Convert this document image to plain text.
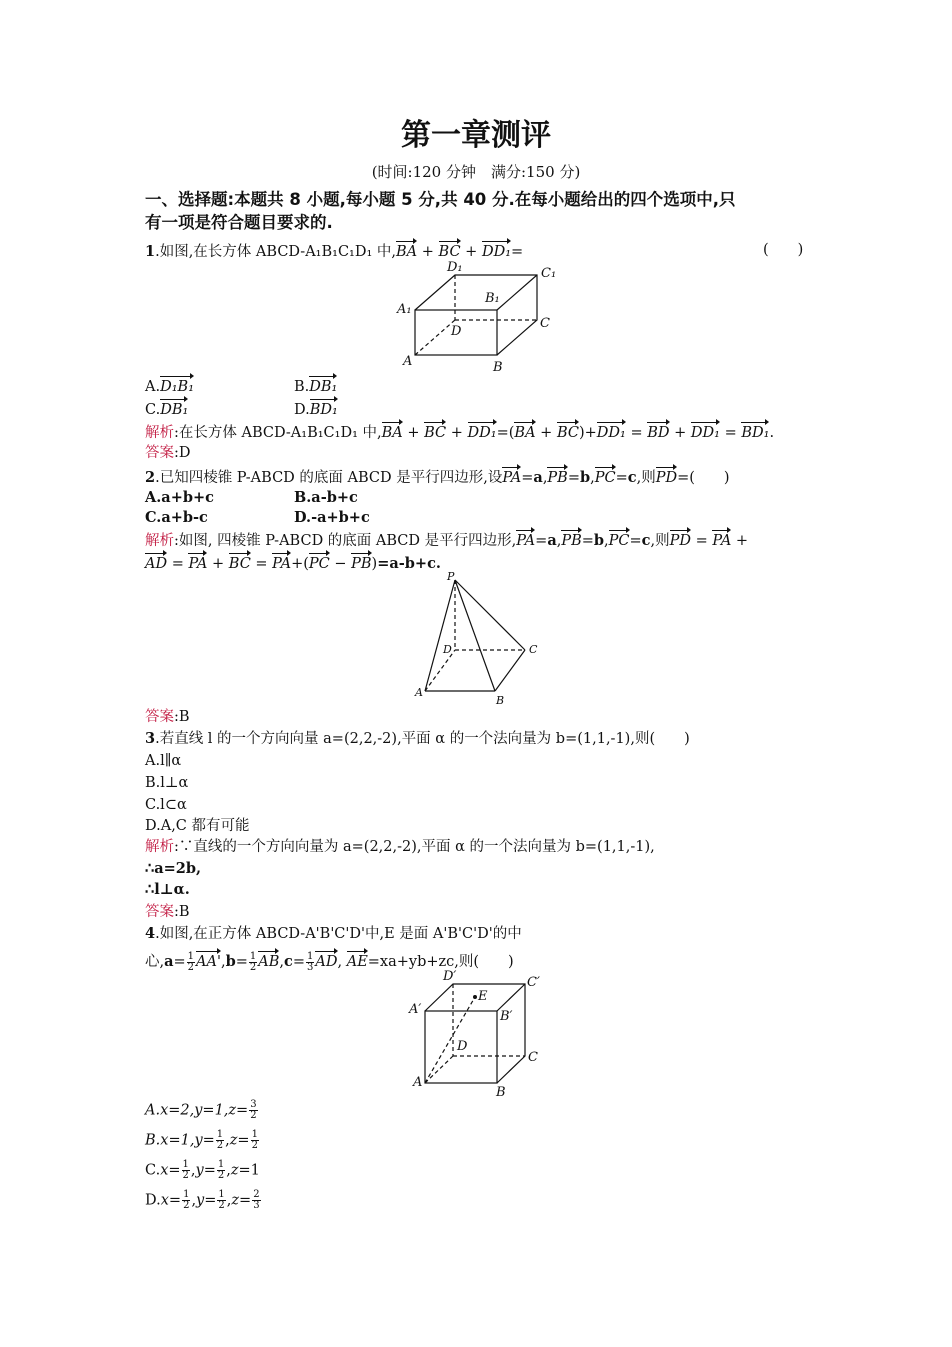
第一章测评
(时间:120 分钟　满分:150 分)
一、选择题:本题共 8 小题,每小题 5 分,共 40 分.在每小题给出的四个选项中,只
有一项是符合题目要求的.
1.如图,在长方体 ABCD-A₁B₁C₁D₁ 中,BA + BC + DD₁=	(　　)
D₁	C₁
A₁
B₁
D
C
A	B
A.D₁B₁	B.DB₁
C.DB₁	D.BD₁
解析:在长方体 ABCD-A₁B₁C₁D₁ 中,BA + BC + DD₁=(BA + BC)+DD₁ = BD + DD₁ = BD₁.
答案:D
2.已知四棱锥 P-ABCD 的底面 ABCD 是平行四边形,设PA=a,PB=b,PC=c,则PD=(　　)
A.a+b+c	B.a-b+c
C.a+b-c	D.-a+b+c
解析:如图, 四棱锥 P-ABCD 的底面 ABCD 是平行四边形,PA=a,PB=b,PC=c,则PD = PA +
AD = PA + BC = PA+(PC − PB)=a-b+c.
P
D	C
A
B
答案:B
3.若直线 l 的一个方向向量 a=(2,2,-2),平面 α 的一个法向量为 b=(1,1,-1),则(　　)
A.l∥α
B.l⊥α
C.l⊂α
D.A,C 都有可能
解析:∵直线的一个方向向量为 a=(2,2,-2),平面 α 的一个法向量为 b=(1,1,-1),
∴a=2b,
∴l⊥α.
答案:B
4.如图,在正方体 ABCD-A'B'C'D'中,E 是面 A'B'C'D'的中
心$,a= \frac{1}{2} AA',b= \frac{1}{2} AB,c= \frac{1}{3}$ AD, AE=xa+yb+zc,则(　　)
D′	C′
E
A′	B′
D
C
A
B
$A.x=2,y=1,z= \frac{3}{2}$
$B.x=1,y= \frac{1}{2} ,z= \frac{1}{2}$
$C.x= \frac{1}{2} ,y= \frac{1}{2} ,z=1$
$D.x= \frac{1}{2} ,y= \frac{1}{2} ,z= \frac{2}{3}$
